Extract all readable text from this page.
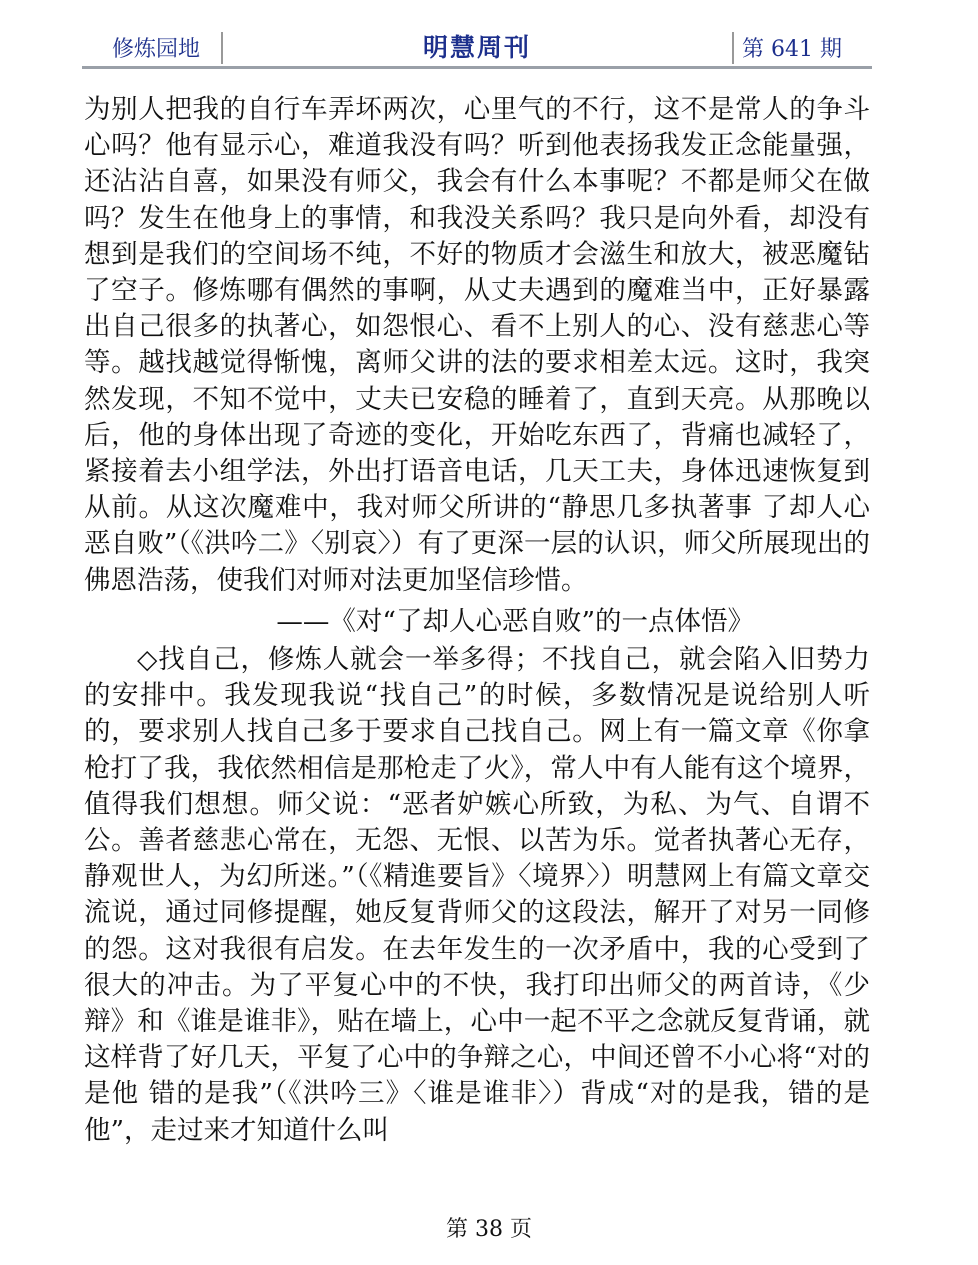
修炼园地	明慧周刊	第 641 期

为别人把我的自行车弄坏两次，心里气的不行，这不是常人的争斗心吗？他有显示心，难道我没有吗？听到他表扬我发正念能量强，还沾沾自喜，如果没有师父，我会有什么本事呢？不都是师父在做吗？发生在他身上的事情，和我没关系吗？我只是向外看，却没有想到是我们的空间场不纯，不好的物质才会滋生和放大，被恶魔钻了空子。修炼哪有偶然的事啊，从丈夫遇到的魔难当中，正好暴露出自己很多的执著心，如怨恨心、看不上别人的心、没有慈悲心等等。越找越觉得惭愧，离师父讲的法的要求相差太远。这时，我突然发现，不知不觉中，丈夫已安稳的睡着了，直到天亮。从那晚以后，他的身体出现了奇迹的变化，开始吃东西了，背痛也减轻了，紧接着去小组学法，外出打语音电话，几天工夫，身体迅速恢复到从前。从这次魔难中，我对师父所讲的“静思几多执著事 了却人心恶自败”（《洪吟二》〈别哀〉）有了更深一层的认识，师父所展现出的佛恩浩荡，使我们对师对法更加坚信珍惜。

——《对“了却人心恶自败”的一点体悟》

◇找自己，修炼人就会一举多得；不找自己，就会陷入旧势力的安排中。我发现我说“找自己”的时候，多数情况是说给别人听的，要求别人找自己多于要求自己找自己。网上有一篇文章《你拿枪打了我，我依然相信是那枪走了火》，常人中有人能有这个境界，值得我们想想。师父说：“恶者妒嫉心所致，为私、为气、自谓不公。善者慈悲心常在，无怨、无恨、以苦为乐。觉者执著心无存，静观世人，为幻所迷。”（《精進要旨》〈境界〉）明慧网上有篇文章交流说，通过同修提醒，她反复背师父的这段法，解开了对另一同修的怨。这对我很有启发。在去年发生的一次矛盾中，我的心受到了很大的冲击。为了平复心中的不快，我打印出师父的两首诗，《少辩》和《谁是谁非》，贴在墙上，心中一起不平之念就反复背诵，就这样背了好几天，平复了心中的争辩之心，中间还曾不小心将“对的是他 错的是我”（《洪吟三》〈谁是谁非〉）背成“对的是我，错的是他”，走过来才知道什么叫

第 38 页
